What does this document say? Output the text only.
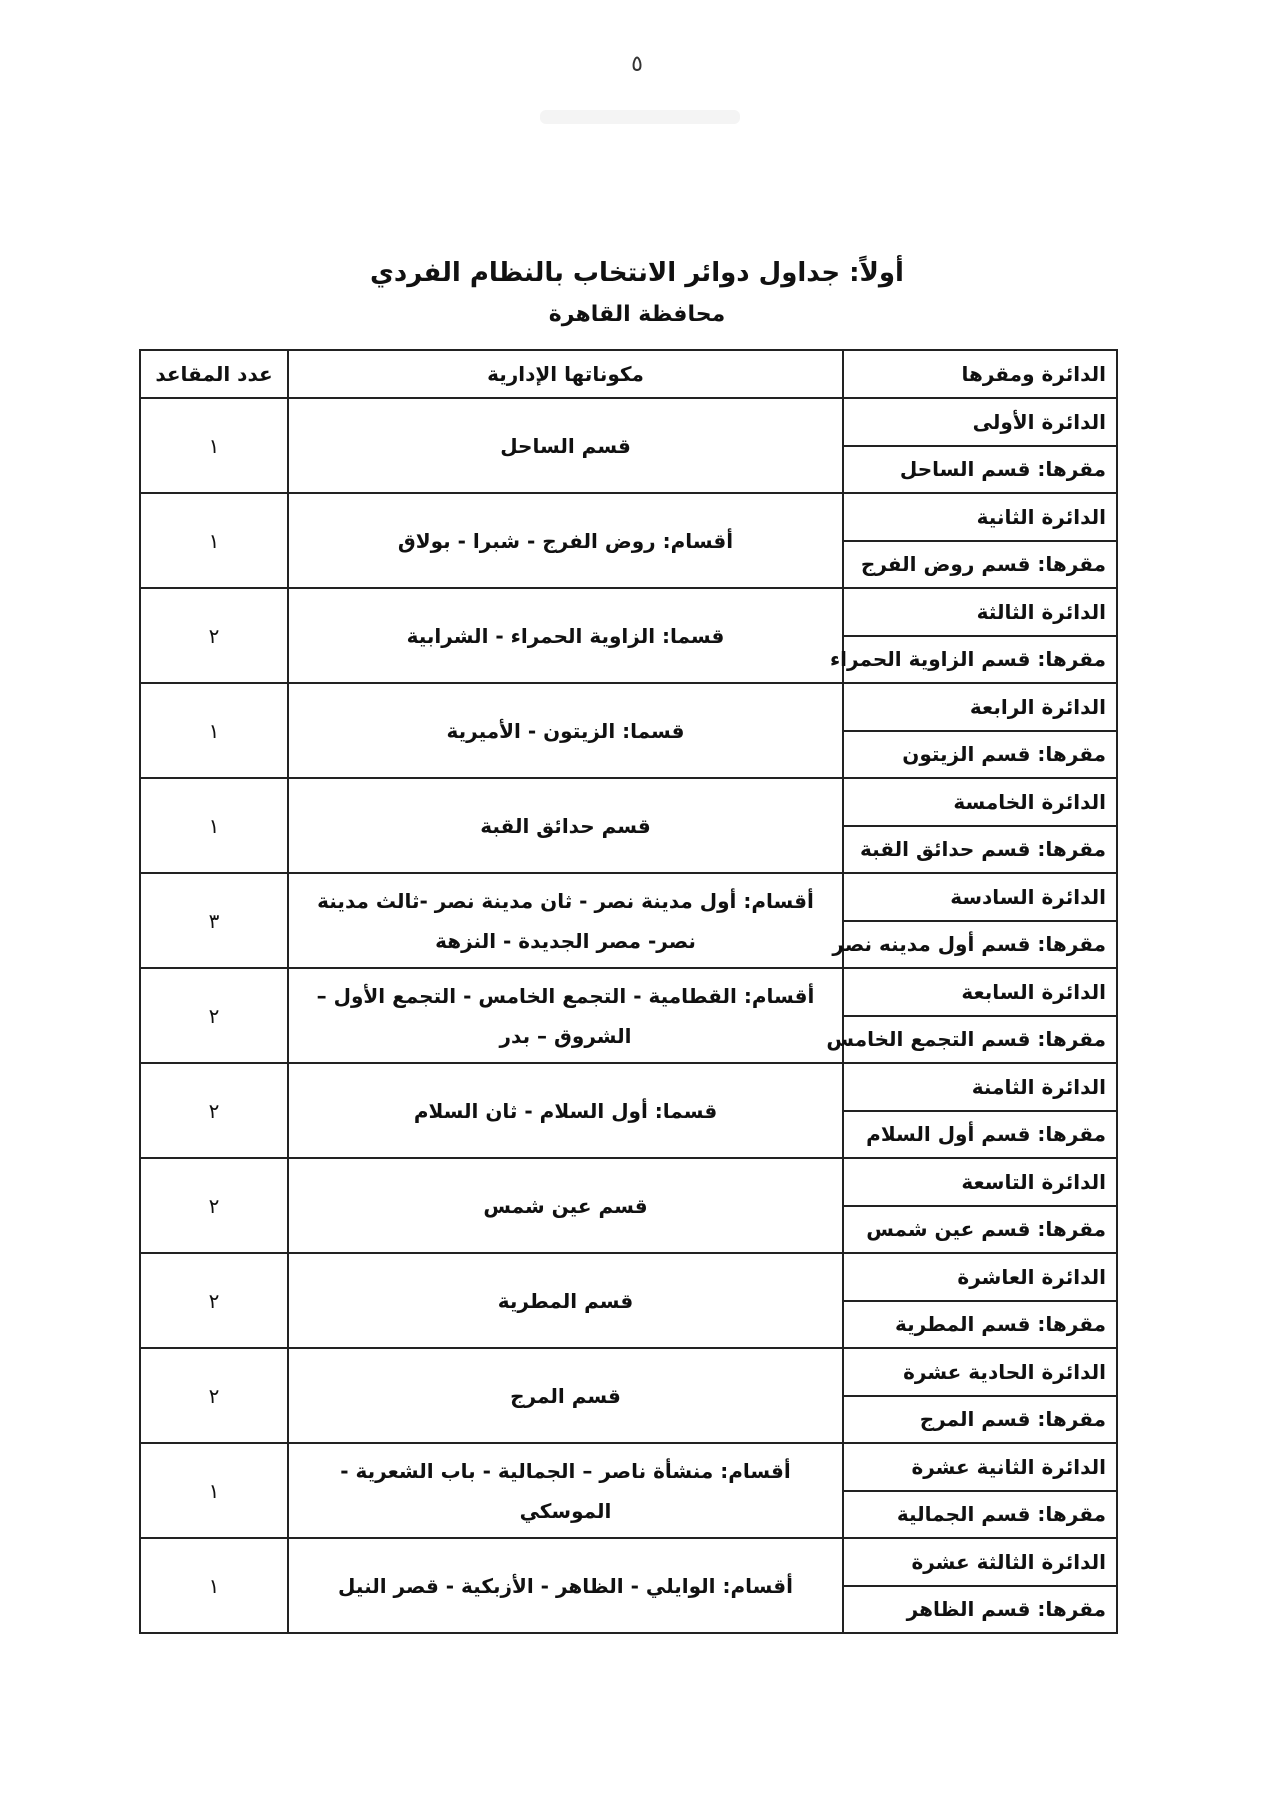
٥
أولاً: جداول دوائر الانتخاب بالنظام الفردي
محافظة القاهرة
الدائرة ومقرها	مكوناتها الإدارية	عدد المقاعد
الدائرة الأولى	قسم الساحل	١
مقرها: قسم الساحل		
الدائرة الثانية	أقسام: روض الفرج - شبرا - بولاق	١
مقرها: قسم روض الفرج		
الدائرة الثالثة	قسما: الزاوية الحمراء - الشرابية	٢
مقرها: قسم الزاوية الحمراء		
الدائرة الرابعة	قسما: الزيتون - الأميرية	١
مقرها: قسم الزيتون		
الدائرة الخامسة	قسم حدائق القبة	١
مقرها: قسم حدائق القبة		
الدائرة السادسة	أقسام: أول مدينة نصر - ثان مدينة نصر -ثالث مدينة نصر- مصر الجديدة - النزهة	٣
مقرها: قسم أول مدينه نصر		
الدائرة السابعة	أقسام: القطامية - التجمع الخامس - التجمع الأول – الشروق – بدر	٢
مقرها: قسم التجمع الخامس		
الدائرة الثامنة	قسما: أول السلام - ثان السلام	٢
مقرها: قسم أول السلام		
الدائرة التاسعة	قسم عين شمس	٢
مقرها: قسم عين شمس		
الدائرة العاشرة	قسم المطرية	٢
مقرها: قسم المطرية		
الدائرة الحادية عشرة	قسم المرج	٢
مقرها: قسم المرج		
الدائرة الثانية عشرة	أقسام: منشأة ناصر – الجمالية - باب الشعرية - الموسكي	١
مقرها: قسم الجمالية		
الدائرة الثالثة عشرة	أقسام: الوايلي - الظاهر - الأزبكية - قصر النيل	١
مقرها: قسم الظاهر		
